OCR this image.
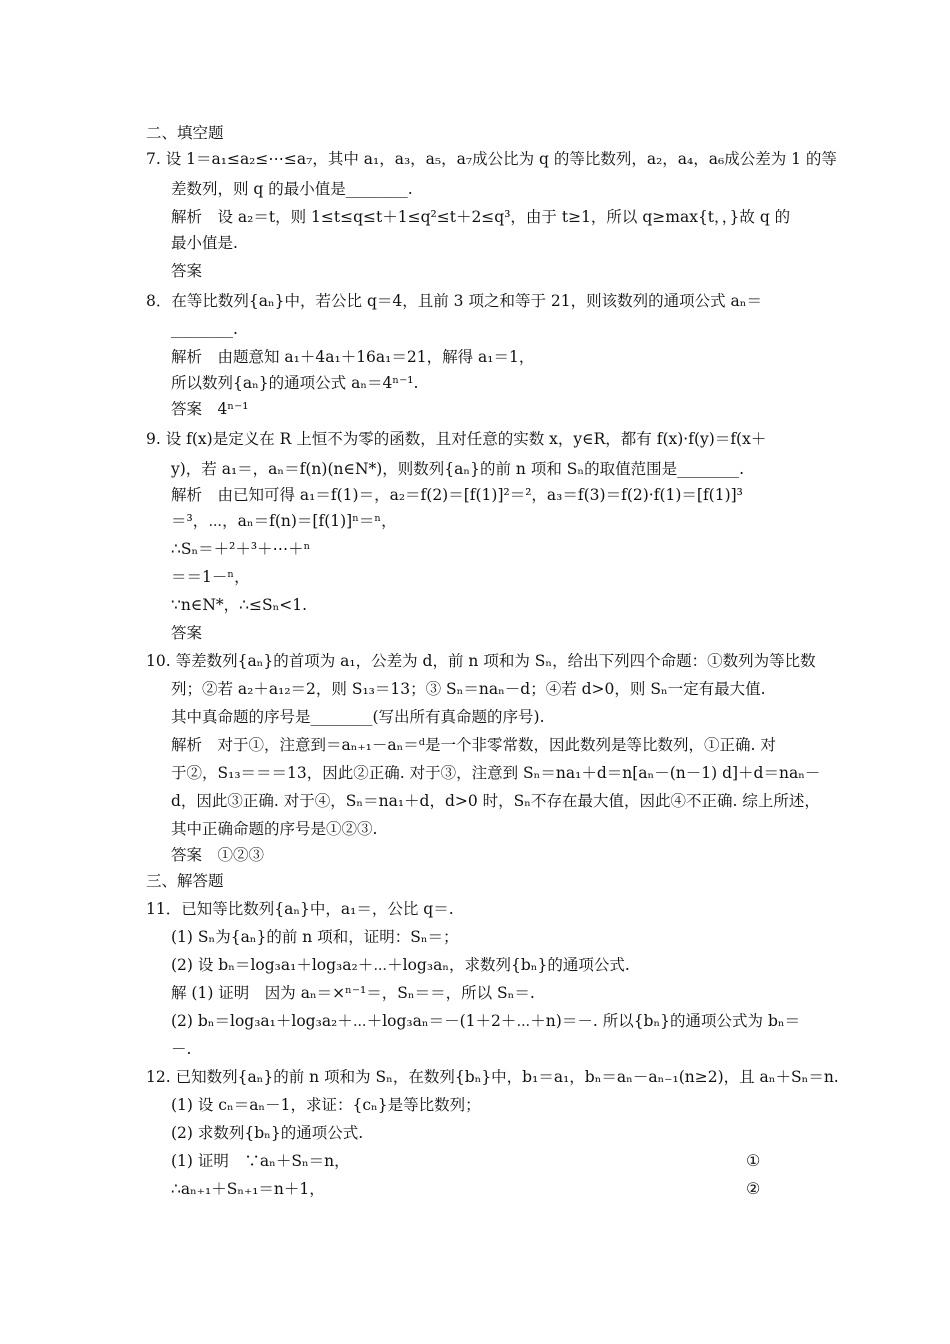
二、填空题
7. 设 1＝a₁≤a₂≤⋯≤a₇，其中 a₁，a₃，a₅，a₇成公比为 q 的等比数列，a₂，a₄，a₆成公差为 1 的等
差数列，则 q 的最小值是________.
解析　设 a₂＝t，则 1≤t≤q≤t＋1≤q²≤t＋2≤q³，由于 t≥1，所以 q≥max{t，，}故 q 的
最小值是.
答案
8．在等比数列{aₙ}中，若公比 q＝4，且前 3 项之和等于 21，则该数列的通项公式 aₙ＝
________.
解析　由题意知 a₁＋4a₁＋16a₁＝21，解得 a₁＝1，
所以数列{aₙ}的通项公式 aₙ＝4ⁿ⁻¹.
答案　4ⁿ⁻¹
9. 设 f(x)是定义在 R 上恒不为零的函数，且对任意的实数 x，y∈R，都有 f(x)·f(y)＝f(x＋
y)，若 a₁＝，aₙ＝f(n)(n∈N*)，则数列{aₙ}的前 n 项和 Sₙ的取值范围是________.
解析　由已知可得 a₁＝f(1)＝，a₂＝f(2)＝[f(1)]²＝²，a₃＝f(3)＝f(2)·f(1)＝[f(1)]³
＝³，⋯，aₙ＝f(n)＝[f(1)]ⁿ＝ⁿ，
∴Sₙ＝＋²＋³＋⋯＋ⁿ
＝＝1－ⁿ，
∵n∈N*，∴≤Sₙ<1.
答案
10. 等差数列{aₙ}的首项为 a₁，公差为 d，前 n 项和为 Sₙ，给出下列四个命题：①数列为等比数
列；②若 a₂＋a₁₂＝2，则 S₁₃＝13；③ Sₙ＝naₙ－d；④若 d>0，则 Sₙ一定有最大值.
其中真命题的序号是________(写出所有真命题的序号).
解析　对于①，注意到＝aₙ₊₁－aₙ＝ᵈ是一个非零常数，因此数列是等比数列，①正确. 对
于②，S₁₃＝＝＝13，因此②正确. 对于③，注意到 Sₙ＝na₁＋d＝n[aₙ－(n－1) d]＋d＝naₙ－
d，因此③正确. 对于④，Sₙ＝na₁＋d，d>0 时，Sₙ不存在最大值，因此④不正确. 综上所述，
其中正确命题的序号是①②③.
答案　①②③
三、解答题
11．已知等比数列{aₙ}中，a₁＝，公比 q＝.
(1) Sₙ为{aₙ}的前 n 项和，证明：Sₙ＝；
(2) 设 bₙ＝log₃a₁＋log₃a₂＋⋯＋log₃aₙ，求数列{bₙ}的通项公式.
解 (1) 证明　因为 aₙ＝×ⁿ⁻¹＝，Sₙ＝＝，所以 Sₙ＝.
(2) bₙ＝log₃a₁＋log₃a₂＋⋯＋log₃aₙ＝－(1＋2＋⋯＋n)＝－. 所以{bₙ}的通项公式为 bₙ＝
－.
12. 已知数列{aₙ}的前 n 项和为 Sₙ，在数列{bₙ}中，b₁＝a₁，bₙ＝aₙ－aₙ₋₁(n≥2)，且 aₙ＋Sₙ＝n.
(1) 设 cₙ＝aₙ－1，求证：{cₙ}是等比数列；
(2) 求数列{bₙ}的通项公式.
(1) 证明　∵aₙ＋Sₙ＝n，	①
∴aₙ₊₁＋Sₙ₊₁＝n＋1，	②
